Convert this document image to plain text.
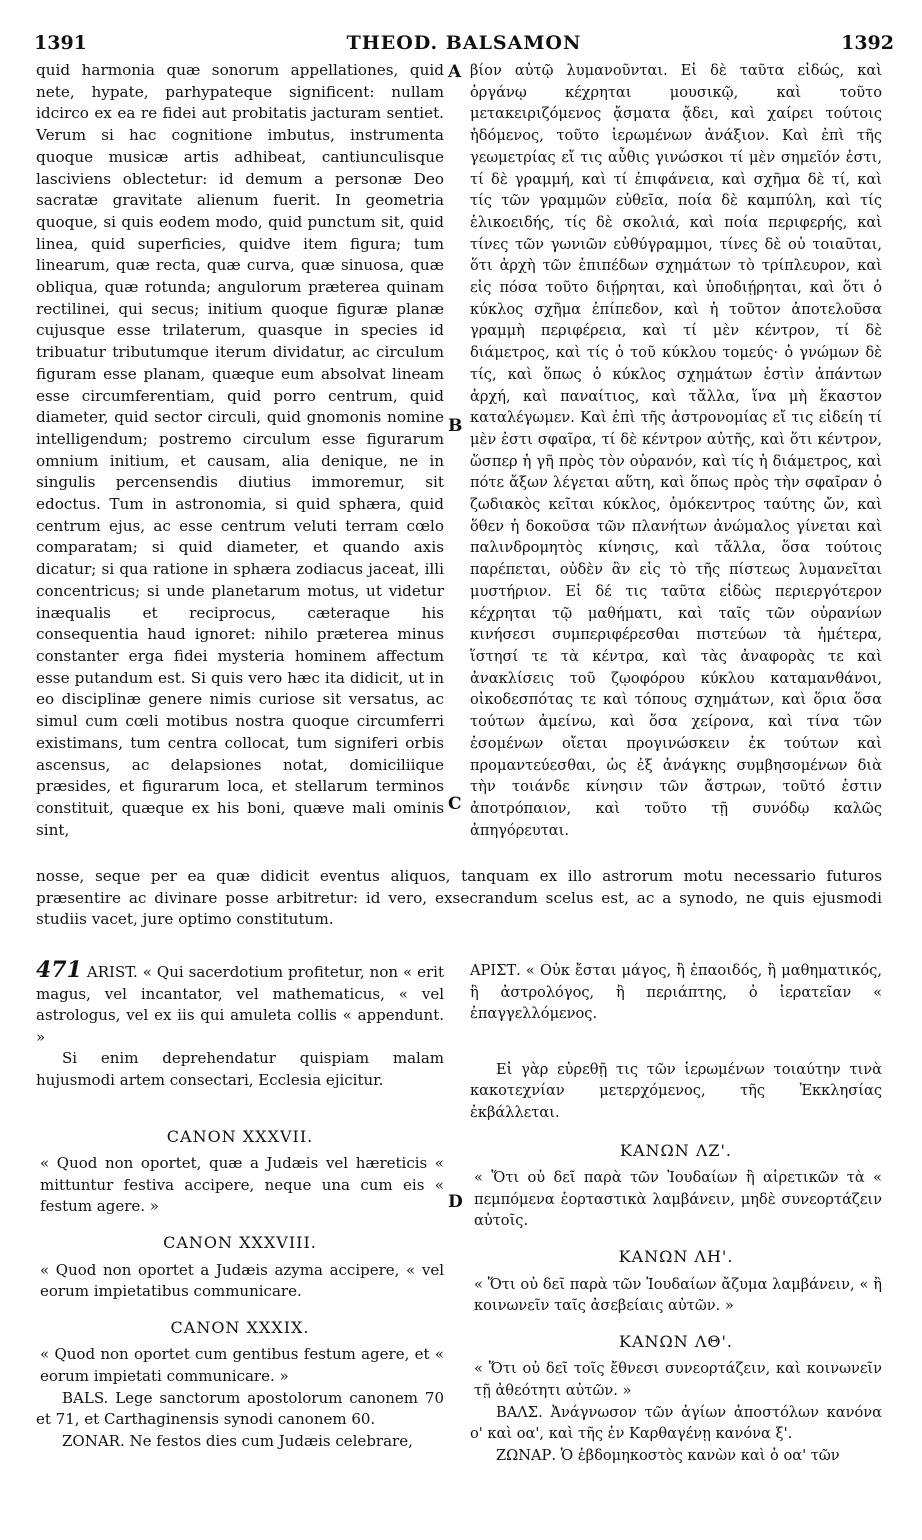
1391	THEOD. BALSAMON	1392

quid harmonia quæ sonorum appellationes, quid nete, hypate, parhypateque significent: nullam idcirco ex ea re fidei aut probitatis jacturam sentiet. Verum si hac cognitione imbutus, instrumenta quoque musicæ artis adhibeat, cantiunculisque lasciviens oblectetur: id demum a personæ Deo sacratæ gravitate alienum fuerit. In geometria quoque, si quis eodem modo, quid punctum sit, quid linea, quid superficies, quidve item figura; tum linearum, quæ recta, quæ curva, quæ sinuosa, quæ obliqua, quæ rotunda; angulorum præterea quinam rectilinei, qui secus; initium quoque figuræ planæ cujusque esse trilaterum, quasque in species id tribuatur tributumque iterum dividatur, ac circulum figuram esse planam, quæque eum absolvat lineam esse circumferentiam, quid porro centrum, quid diameter, quid sector circuli, quid gnomonis nomine intelligendum; postremo circulum esse figurarum omnium initium, et causam, alia denique, ne in singulis percensendis diutius immoremur, sit edoctus. Tum in astronomia, si quid sphæra, quid centrum ejus, ac esse centrum veluti terram cœlo comparatam; si quid diameter, et quando axis dicatur; si qua ratione in sphæra zodiacus jaceat, illi concentricus; si unde planetarum motus, ut videtur inæqualis et reciprocus, cæteraque his consequentia haud ignoret: nihilo præterea minus constanter erga fidei mysteria hominem affectum esse putandum est. Si quis vero hæc ita didicit, ut in eo disciplinæ genere nimis curiose sit versatus, ac simul cum cœli motibus nostra quoque circumferri existimans, tum centra collocat, tum signiferi orbis ascensus, ac delapsiones notat, domiciliique præsides, et figurarum loca, et stellarum terminos constituit, quæque ex his boni, quæve mali ominis sint,

βίον αὐτῷ λυμανοῦνται. Εἰ δὲ ταῦτα εἰδώς, καὶ ὀργάνῳ κέχρηται μουσικῷ, καὶ τοῦτο μετακειριζόμενος ᾄσματα ᾄδει, καὶ χαίρει τούτοις ἡδόμενος, τοῦτο ἱερωμένων ἀνάξιον. Καὶ ἐπὶ τῆς γεωμετρίας εἴ τις αὖθις γινώσκοι τί μὲν σημεῖόν ἐστι, τί δὲ γραμμή, καὶ τί ἐπιφάνεια, καὶ σχῆμα δὲ τί, καὶ τίς τῶν γραμμῶν εὐθεῖα, ποία δὲ καμπύλη, καὶ τίς ἑλικοειδής, τίς δὲ σκολιά, καὶ ποία περιφερής, καὶ τίνες τῶν γωνιῶν εὐθύγραμμοι, τίνες δὲ οὐ τοιαῦται, ὅτι ἀρχὴ τῶν ἐπιπέδων σχημάτων τὸ τρίπλευρον, καὶ εἰς πόσα τοῦτο διῄρηται, καὶ ὑποδιῄρηται, καὶ ὅτι ὁ κύκλος σχῆμα ἐπίπεδον, καὶ ἡ τοῦτον ἀποτελοῦσα γραμμὴ περιφέρεια, καὶ τί μὲν κέντρον, τί δὲ διάμετρος, καὶ τίς ὁ τοῦ κύκλου τομεύς· ὁ γνώμων δὲ τίς, καὶ ὅπως ὁ κύκλος σχημάτων ἐστὶν ἁπάντων ἀρχή, καὶ παναίτιος, καὶ τἄλλα, ἵνα μὴ ἕκαστον καταλέγωμεν. Καὶ ἐπὶ τῆς ἀστρονομίας εἴ τις εἰδείη τί μὲν ἐστι σφαῖρα, τί δὲ κέντρον αὐτῆς, καὶ ὅτι κέντρον, ὥσπερ ἡ γῆ πρὸς τὸν οὐρανόν, καὶ τίς ἡ διάμετρος, καὶ πότε ἄξων λέγεται αὕτη, καὶ ὅπως πρὸς τὴν σφαῖραν ὁ ζωδιακὸς κεῖται κύκλος, ὁμόκεντρος ταύτης ὤν, καὶ ὅθεν ἡ δοκοῦσα τῶν πλανήτων ἀνώμαλος γίνεται καὶ παλινδρομητὸς κίνησις, καὶ τἄλλα, ὅσα τούτοις παρέπεται, οὐδὲν ἂν εἰς τὸ τῆς πίστεως λυμανεῖται μυστήριον. Εἰ δέ τις ταῦτα εἰδὼς περιεργότερον κέχρηται τῷ μαθήματι, καὶ ταῖς τῶν οὐρανίων κινήσεσι συμπεριφέρεσθαι πιστεύων τὰ ἡμέτερα, ἵστησί τε τὰ κέντρα, καὶ τὰς ἀναφορὰς τε καὶ ἀνακλίσεις τοῦ ζῳοφόρου κύκλου καταμανθάνοι, οἰκοδεσπότας τε καὶ τόπους σχημάτων, καὶ ὅρια ὅσα τούτων ἀμείνω, καὶ ὅσα χείρονα, καὶ τίνα τῶν ἐσομένων οἴεται προγινώσκειν ἐκ τούτων καὶ προμαντεύεσθαι, ὡς ἐξ ἀνάγκης συμβησομένων διὰ τὴν τοιάνδε κίνησιν τῶν ἄστρων, τοῦτό ἐστιν ἀποτρόπαιον, καὶ τοῦτο τῇ συνόδῳ καλῶς ἀπηγόρευται.

A
B
C
D
nosse, seque per ea quæ didicit eventus aliquos, tanquam ex illo astrorum motu necessario futuros præsentire ac divinare posse arbitretur: id vero, exsecrandum scelus est, ac a synodo, ne quis ejusmodi studiis vacet, jure optimo constitutum.

471 ARIST. « Qui sacerdotium profitetur, non « erit magus, vel incantator, vel mathematicus, « vel astrologus, vel ex iis qui amuleta collis « appendunt. »

Si enim deprehendatur quispiam malam hujusmodi artem consectari, Ecclesia ejicitur.

CANON XXXVII.

« Quod non oportet, quæ a Judæis vel hæreticis « mittuntur festiva accipere, neque una cum eis « festum agere. »

CANON XXXVIII.

« Quod non oportet a Judæis azyma accipere, « vel eorum impietatibus communicare.

CANON XXXIX.

« Quod non oportet cum gentibus festum agere, et « eorum impietati communicare. »

BALS. Lege sanctorum apostolorum canonem 70 et 71, et Carthaginensis synodi canonem 60.

ZONAR. Ne festos dies cum Judæis celebrare,

ΑΡΙΣΤ. « Οὐκ ἔσται μάγος, ἢ ἐπαοιδός, ἢ μαθηματικός, ἢ ἀστρολόγος, ἢ περιάπτης, ὁ ἱερατεῖαν « ἐπαγγελλόμενος.

Εἰ γὰρ εὑρεθῇ τις τῶν ἱερωμένων τοιαύτην τινὰ κακοτεχνίαν μετερχόμενος, τῆς Ἐκκλησίας ἐκβάλλεται.

ΚΑΝΩΝ ΛΖ'.

« Ὅτι οὐ δεῖ παρὰ τῶν Ἰουδαίων ἢ αἱρετικῶν τὰ « πεμπόμενα ἑορταστικὰ λαμβάνειν, μηδὲ συνεορτάζειν αὐτοῖς.

ΚΑΝΩΝ ΛΗ'.

« Ὅτι οὐ δεῖ παρὰ τῶν Ἰουδαίων ἄζυμα λαμβάνειν, « ἢ κοινωνεῖν ταῖς ἀσεβείαις αὐτῶν. »

ΚΑΝΩΝ ΛΘ'.

« Ὅτι οὐ δεῖ τοῖς ἔθνεσι συνεορτάζειν, καὶ κοινωνεῖν τῇ ἀθεότητι αὐτῶν. »

ΒΑΛΣ. Ἀνάγνωσον τῶν ἁγίων ἀποστόλων κανόνα ο' καὶ οα', καὶ τῆς ἐν Καρθαγένῃ κανόνα ξ'.

ΖΩΝΑΡ. Ὁ ἑβδομηκοστὸς κανὼν καὶ ὁ οα' τῶν
